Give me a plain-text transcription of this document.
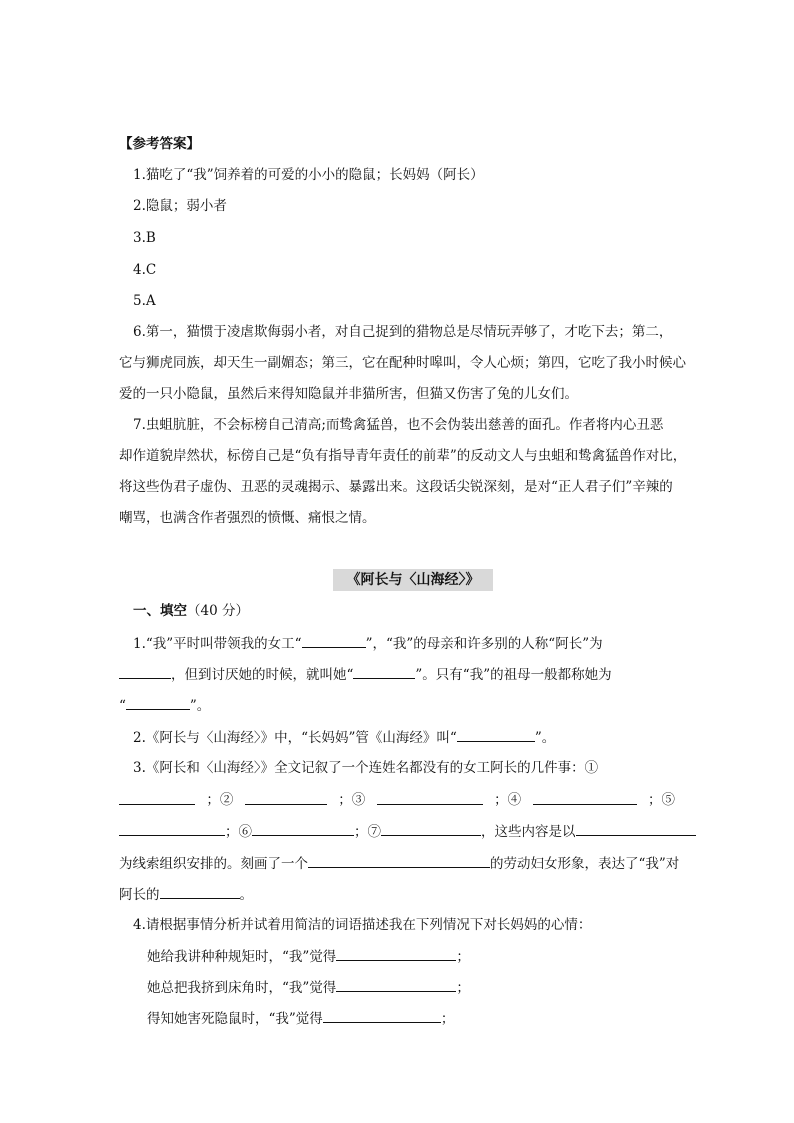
【参考答案】
1.猫吃了“我”饲养着的可爱的小小的隐鼠；长妈妈（阿长）
2.隐鼠；弱小者
3.B
4.C
5.A
6.第一，猫惯于凌虐欺侮弱小者，对自己捉到的猎物总是尽情玩弄够了，才吃下去；第二，
它与狮虎同族，却天生一副媚态；第三，它在配种时嗥叫，令人心烦；第四，它吃了我小时候心
爱的一只小隐鼠，虽然后来得知隐鼠并非猫所害，但猫又伤害了兔的儿女们。
7.虫蛆肮脏，不会标榜自己清高;而鸷禽猛兽，也不会伪装出慈善的面孔。作者将内心丑恶
却作道貌岸然状，标傍自己是“负有指导青年责任的前辈”的反动文人与虫蛆和鸷禽猛兽作对比，
将这些伪君子虚伪、丑恶的灵魂揭示、暴露出来。这段话尖锐深刻，是对“正人君子们”辛辣的
嘲骂，也满含作者强烈的愤慨、痛恨之情。
《阿长与〈山海经〉》
一、填空（40 分）
1.“我”平时叫带领我的女工“	”，“我”的母亲和许多别的人称“阿长”为
，但到讨厌她的时候，就叫她“	”。只有“我”的祖母一般都称她为
“	”。
2.《阿长与〈山海经〉》中，“长妈妈”管《山海经》叫“	”。
3.《阿长和〈山海经〉》全文记叙了一个连姓名都没有的女工阿长的几件事：①
；②	；③	；④	；⑤
；⑥	；⑦	，这些内容是以
为线索组织安排的。刻画了一个	的劳动妇女形象，表达了“我”对
阿长的	。
4.请根据事情分析并试着用简洁的词语描述我在下列情况下对长妈妈的心情：
她给我讲种种规矩时，“我”觉得	；
她总把我挤到床角时，“我”觉得	；
得知她害死隐鼠时，“我”觉得	；
